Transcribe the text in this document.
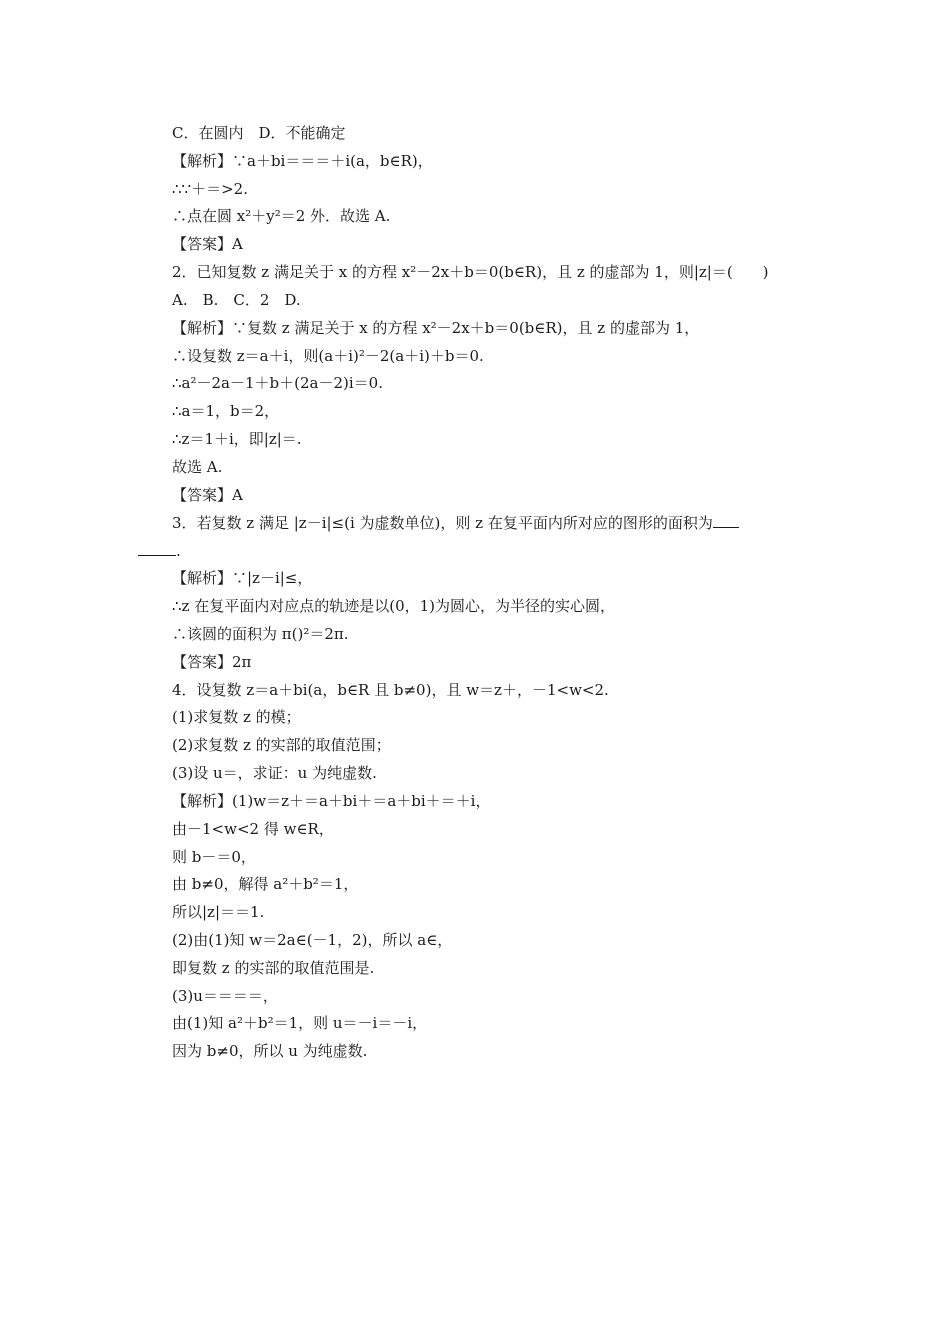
C．在圆内　D．不能确定
【解析】∵a＋bi＝＝＝＋i(a，b∈R)，
∴∵＋＝>2.
∴点在圆 x²＋y²＝2 外．故选 A.
【答案】A
2．已知复数 z 满足关于 x 的方程 x²－2x＋b＝0(b∈R)，且 z 的虚部为 1，则|z|＝(　　)
A.　B.　C．2　D.
【解析】∵复数 z 满足关于 x 的方程 x²－2x＋b＝0(b∈R)，且 z 的虚部为 1，
∴设复数 z＝a＋i，则(a＋i)²－2(a＋i)＋b＝0.
∴a²－2a－1＋b＋(2a－2)i＝0.
∴a＝1，b＝2，
∴z＝1＋i，即|z|＝.
故选 A.
【答案】A
3．若复数 z 满足 |z－i|≤(i 为虚数单位)，则 z 在复平面内所对应的图形的面积为
.
【解析】∵|z－i|≤，
∴z 在复平面内对应点的轨迹是以(0，1)为圆心，为半径的实心圆，
∴该圆的面积为 π()²＝2π.
【答案】2π
4．设复数 z＝a＋bi(a，b∈R 且 b≠0)，且 w＝z＋，－1<w<2.
(1)求复数 z 的模；
(2)求复数 z 的实部的取值范围；
(3)设 u＝，求证：u 为纯虚数.
【解析】(1)w＝z＋＝a＋bi＋＝a＋bi＋＝＋i，
由－1<w<2 得 w∈R，
则 b－＝0，
由 b≠0，解得 a²＋b²＝1，
所以|z|＝＝1.
(2)由(1)知 w＝2a∈(－1，2)，所以 a∈，
即复数 z 的实部的取值范围是.
(3)u＝＝＝＝，
由(1)知 a²＋b²＝1，则 u＝－i＝－i，
因为 b≠0，所以 u 为纯虚数.
